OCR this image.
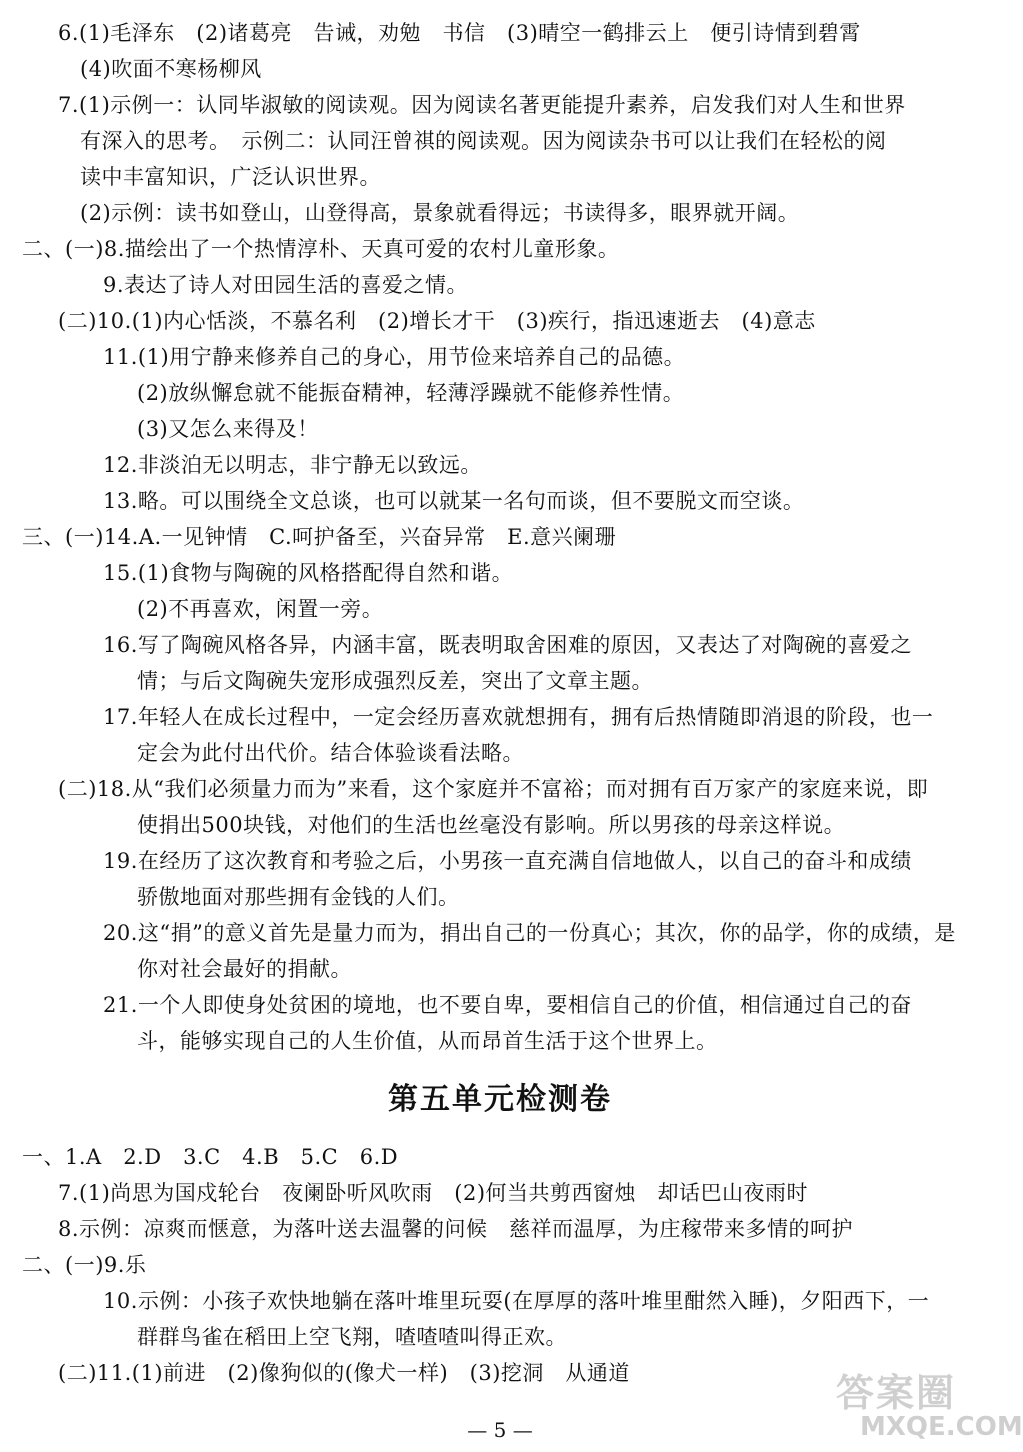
6.(1)毛泽东　(2)诸葛亮　告诫，劝勉　书信　(3)晴空一鹤排云上　便引诗情到碧霄
(4)吹面不寒杨柳风
7.(1)示例一：认同毕淑敏的阅读观。因为阅读名著更能提升素养，启发我们对人生和世界
有深入的思考。　示例二：认同汪曾祺的阅读观。因为阅读杂书可以让我们在轻松的阅
读中丰富知识，广泛认识世界。
(2)示例：读书如登山，山登得高，景象就看得远；书读得多，眼界就开阔。
二、(一)8.描绘出了一个热情淳朴、天真可爱的农村儿童形象。
9.表达了诗人对田园生活的喜爱之情。
(二)10.(1)内心恬淡，不慕名利　(2)增长才干　(3)疾行，指迅速逝去　(4)意志
11.(1)用宁静来修养自己的身心，用节俭来培养自己的品德。
(2)放纵懈怠就不能振奋精神，轻薄浮躁就不能修养性情。
(3)又怎么来得及！
12.非淡泊无以明志，非宁静无以致远。
13.略。可以围绕全文总谈，也可以就某一名句而谈，但不要脱文而空谈。
三、(一)14.A.一见钟情　C.呵护备至，兴奋异常　E.意兴阑珊
15.(1)食物与陶碗的风格搭配得自然和谐。
(2)不再喜欢，闲置一旁。
16.写了陶碗风格各异，内涵丰富，既表明取舍困难的原因，又表达了对陶碗的喜爱之
情；与后文陶碗失宠形成强烈反差，突出了文章主题。
17.年轻人在成长过程中，一定会经历喜欢就想拥有，拥有后热情随即消退的阶段，也一
定会为此付出代价。结合体验谈看法略。
(二)18.从“我们必须量力而为”来看，这个家庭并不富裕；而对拥有百万家产的家庭来说，即
使捐出500块钱，对他们的生活也丝毫没有影响。所以男孩的母亲这样说。
19.在经历了这次教育和考验之后，小男孩一直充满自信地做人，以自己的奋斗和成绩
骄傲地面对那些拥有金钱的人们。
20.这“捐”的意义首先是量力而为，捐出自己的一份真心；其次，你的品学，你的成绩，是
你对社会最好的捐献。
21.一个人即使身处贫困的境地，也不要自卑，要相信自己的价值，相信通过自己的奋
斗，能够实现自己的人生价值，从而昂首生活于这个世界上。
第五单元检测卷
一、1.A　2.D　3.C　4.B　5.C　6.D
7.(1)尚思为国戍轮台　夜阑卧听风吹雨　(2)何当共剪西窗烛　却话巴山夜雨时
8.示例：凉爽而惬意，为落叶送去温馨的问候　慈祥而温厚，为庄稼带来多情的呵护
二、(一)9.乐
10.示例：小孩子欢快地躺在落叶堆里玩耍(在厚厚的落叶堆里酣然入睡)，夕阳西下，一
群群鸟雀在稻田上空飞翔，喳喳喳叫得正欢。
(二)11.(1)前进　(2)像狗似的(像犬一样)　(3)挖洞　从通道
— 5 —
答案圈
MXQE.COM
